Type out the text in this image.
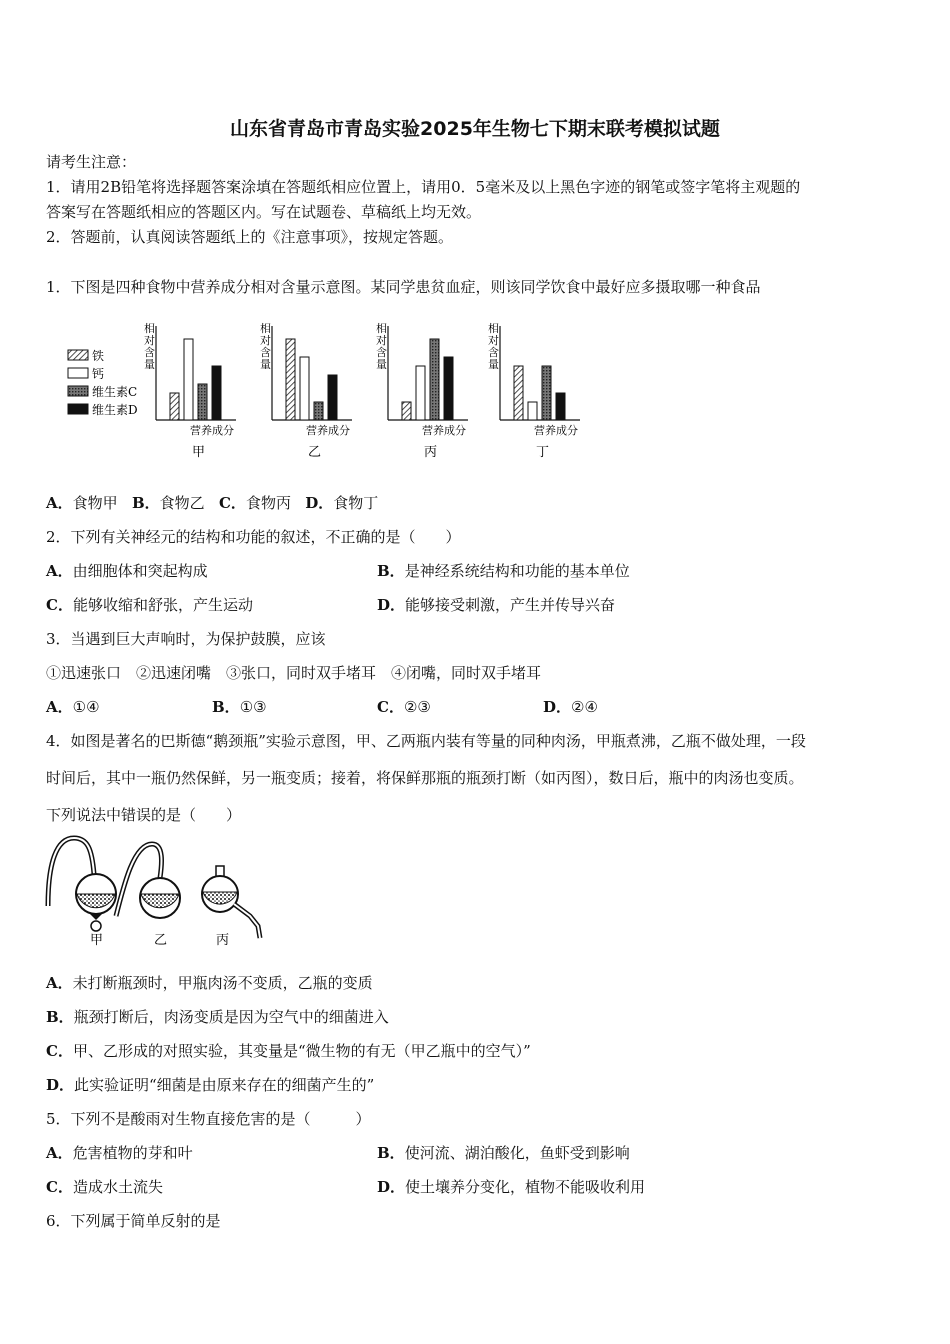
山东省青岛市青岛实验2025年生物七下期末联考模拟试题
请考生注意：
1．请用2B铅笔将选择题答案涂填在答题纸相应位置上，请用0．5毫米及以上黑色字迹的钢笔或签字笔将主观题的
答案写在答题纸相应的答题区内。写在试题卷、草稿纸上均无效。
2．答题前，认真阅读答题纸上的《注意事项》，按规定答题。
1．下图是四种食物中营养成分相对含量示意图。某同学患贫血症，则该同学饮食中最好应多摄取哪一种食品
铁
钙
维生素C
维生素D
相
对
含
量
营养成分
甲
相
对
含
量
营养成分
乙
相
对
含
量
营养成分
丙
相
对
含
量
营养成分
丁
A．食物甲 B．食物乙 C．食物丙 D．食物丁
2．下列有关神经元的结构和功能的叙述，不正确的是（　　）
A．由细胞体和突起构成	B．是神经系统结构和功能的基本单位
C．能够收缩和舒张，产生运动	D．能够接受刺激，产生并传导兴奋
3．当遇到巨大声响时，为保护鼓膜，应该
①迅速张口　②迅速闭嘴　③张口，同时双手堵耳　④闭嘴，同时双手堵耳
A．①④	B．①③	C．②③	D．②④
4．如图是著名的巴斯德“鹅颈瓶”实验示意图，甲、乙两瓶内装有等量的同种肉汤，甲瓶煮沸，乙瓶不做处理，一段
时间后，其中一瓶仍然保鲜，另一瓶变质；接着，将保鲜那瓶的瓶颈打断（如丙图），数日后，瓶中的肉汤也变质。
下列说法中错误的是（　　）
甲	乙	丙
A．未打断瓶颈时，甲瓶肉汤不变质，乙瓶的变质
B．瓶颈打断后，肉汤变质是因为空气中的细菌进入
C．甲、乙形成的对照实验，其变量是“微生物的有无（甲乙瓶中的空气）”
D．此实验证明“细菌是由原来存在的细菌产生的”
5．下列不是酸雨对生物直接危害的是（　　　）
A．危害植物的芽和叶	B．使河流、湖泊酸化，鱼虾受到影响
C．造成水土流失	D．使土壤养分变化，植物不能吸收利用
6．下列属于简单反射的是
